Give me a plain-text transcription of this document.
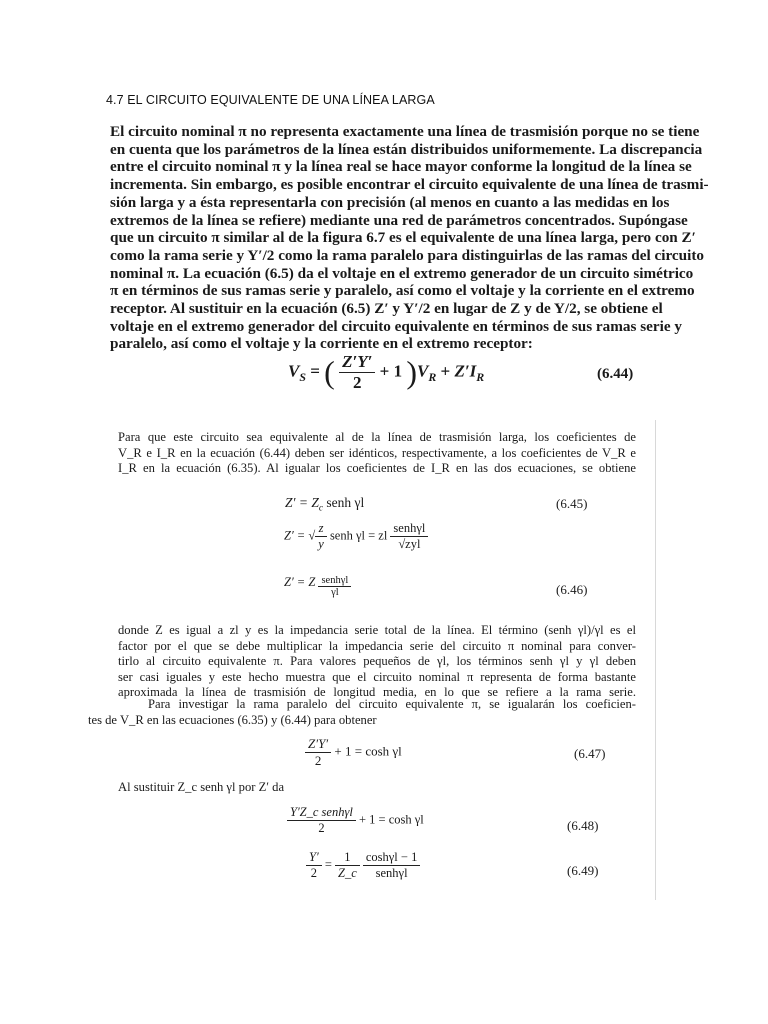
4.7 EL CIRCUITO EQUIVALENTE DE UNA LÍNEA LARGA
El circuito nominal π no representa exactamente una línea de trasmisión porque no se tiene
en cuenta que los parámetros de la línea están distribuidos uniformemente. La discrepancia
entre el circuito nominal π y la línea real se hace mayor conforme la longitud de la línea se
incrementa. Sin embargo, es posible encontrar el circuito equivalente de una línea de trasmi-
sión larga y a ésta representarla con precisión (al menos en cuanto a las medidas en los
extremos de la línea se refiere) mediante una red de parámetros concentrados. Supóngase
que un circuito π similar al de la figura 6.7 es el equivalente de una línea larga, pero con Z′
como la rama serie y Y′/2 como la rama paralelo para distinguirlas de las ramas del circuito
nominal π. La ecuación (6.5) da el voltaje en el extremo generador de un circuito simétrico
π en términos de sus ramas serie y paralelo, así como el voltaje y la corriente en el extremo
receptor. Al sustituir en la ecuación (6.5) Z′ y Y′/2 en lugar de Z y de Y/2, se obtiene el
voltaje en el extremo generador del circuito equivalente en términos de sus ramas serie y
paralelo, así como el voltaje y la corriente en el extremo receptor:
$V_S$ = ( $\frac{Z'Y'}{2} + 1$ )$V_R + Z'I_R$	(6.44)
Para que este circuito sea equivalente al de la línea de trasmisión larga, los coeficientes de
V_R e I_R en la ecuación (6.44) deben ser idénticos, respectivamente, a los coeficientes de V_R e
I_R en la ecuación (6.35). Al igualar los coeficientes de I_R en las dos ecuaciones, se obtiene
$Z' = Z_c$ senh γl	(6.45)
Z′ = √ $\frac{z}{y}$ senh γl = zl $\frac{\text{senhγl}}{\text{√zyl}}$
Z′ = Z $\frac{\text{senhγl}}{\gamma l}$	(6.46)
donde Z es igual a zl y es la impedancia serie total de la línea. El término (senh γl)/γl es el
factor por el que se debe multiplicar la impedancia serie del circuito π nominal para conver-
tirlo al circuito equivalente π. Para valores pequeños de γl, los términos senh γl y γl deben
ser casi iguales y este hecho muestra que el circuito nominal π representa de forma bastante
aproximada la línea de trasmisión de longitud media, en lo que se refiere a la rama serie.
Para investigar la rama paralelo del circuito equivalente π, se igualarán los coeficien-
tes de V_R en las ecuaciones (6.35) y (6.44) para obtener
$\frac{Z'Y'}{2} + 1 = \cosh \gamma l$	(6.47)
Al sustituir Z_c senh γl por Z′ da
$\frac{\text{Y′Z\_c senhγl}}{2} + 1 = \cosh \gamma l$	(6.48)
$\frac{Y'}{2} = \frac{1}{Z\_c}$
$\frac{\cosh\gamma l - 1}{\text{senhγl}}$	(6.49)
